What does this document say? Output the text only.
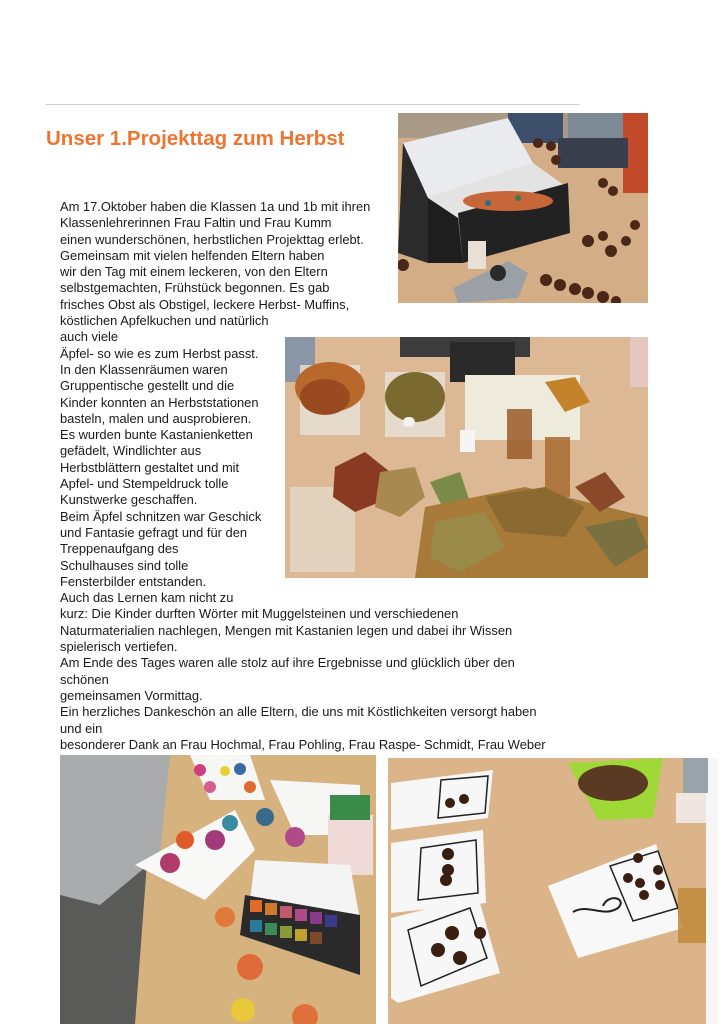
Unser 1.Projekttag zum Herbst
Am 17.Oktober haben die Klassen 1a und 1b mit ihren
Klassenlehrerinnen Frau Faltin und Frau Kumm
einen wunderschönen, herbstlichen Projekttag erlebt.
Gemeinsam mit vielen helfenden Eltern haben
wir den Tag mit einem leckeren, von den Eltern
selbstgemachten, Frühstück begonnen. Es gab
frisches Obst als Obstigel, leckere Herbst- Muffins,
köstlichen Apfelkuchen und natürlich
auch viele
Äpfel- so wie es zum Herbst passt.
In den Klassenräumen waren
Gruppentische gestellt und die
Kinder konnten an Herbststationen
basteln, malen und ausprobieren.
Es wurden bunte Kastanienketten
gefädelt, Windlichter aus
Herbstblättern gestaltet und mit
Apfel- und Stempeldruck tolle
Kunstwerke geschaffen.
Beim Äpfel schnitzen war Geschick
und Fantasie gefragt und für den
Treppenaufgang des
Schulhauses sind tolle
Fensterbilder entstanden.
Auch das Lernen kam nicht zu
kurz: Die Kinder durften Wörter mit Muggelsteinen und verschiedenen
Naturmaterialien nachlegen, Mengen mit Kastanien legen und dabei ihr Wissen
spielerisch vertiefen.
Am Ende des Tages waren alle stolz auf ihre Ergebnisse und glücklich über den
schönen
gemeinsamen Vormittag.
Ein herzliches Dankeschön an alle Eltern, die uns mit Köstlichkeiten versorgt haben
und ein
besonderer Dank an Frau Hochmal, Frau Pohling, Frau Raspe- Schmidt, Frau Weber
